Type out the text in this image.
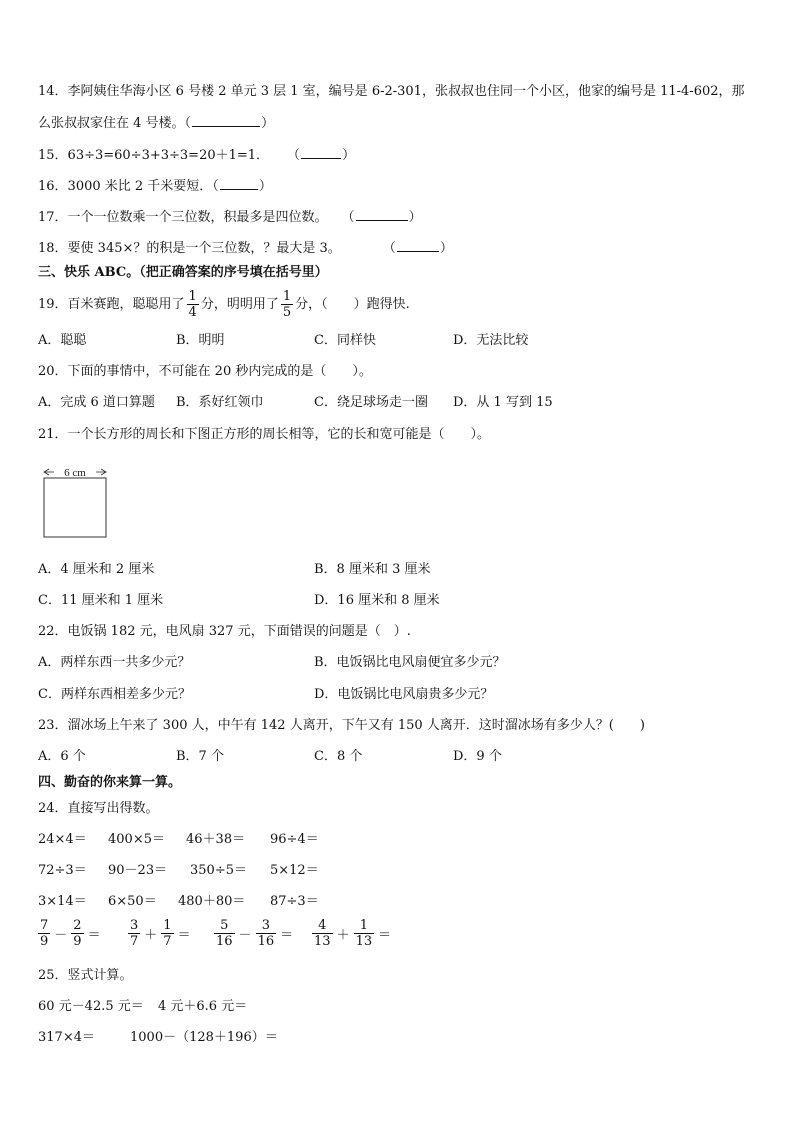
14．李阿姨住华海小区 6 号楼 2 单元 3 层 1 室，编号是 6-2-301，张叔叔也住同一个小区，他家的编号是 11-4-602，那
么张叔叔家住在 4 号楼。（	）
15．63÷3=60÷3+3÷3=20＋1=1． （	）
16．3000 米比 2 千米要短．（	）
17．一个一位数乘一个三位数，积最多是四位数。 （	）
18．要使 345×？的积是一个三位数，？最大是 3。	（	）
三、快乐 ABC。（把正确答案的序号填在括号里）
19．百米赛跑，聪聪用了 $\frac{1}{4}$ 分，明明用了 $\frac{1}{5}$ 分，（　　）跑得快.
A．聪聪	B．明明	C．同样快	D．无法比较
20．下面的事情中，不可能在 20 秒内完成的是（　　）。
A．完成 6 道口算题 B．系好红领巾	C．绕足球场走一圈 D．从 1 写到 15
21．一个长方形的周长和下图正方形的周长相等，它的长和宽可能是（　　）。
6 cm
A．4 厘米和 2 厘米	B．8 厘米和 3 厘米
C．11 厘米和 1 厘米	D．16 厘米和 8 厘米
22．电饭锅 182 元，电风扇 327 元，下面错误的问题是（　）.
A．两样东西一共多少元？	B．电饭锅比电风扇便宜多少元？
C．两样东西相差多少元？	D．电饭锅比电风扇贵多少元？
23．溜冰场上午来了 300 人，中午有 142 人离开，下午又有 150 人离开．这时溜冰场有多少人？(　　)
A．6 个	B．7 个	C．8 个	D．9 个
四、勤奋的你来算一算。
24．直接写出得数。
24×4＝ 400×5＝ 46＋38＝ 96÷4＝
72÷3＝ 90－23＝ 350÷5＝ 5×12＝
3×14＝ 6×50＝ 480＋80＝ 87÷3＝
$\frac{7}{9} - \frac{2}{9} = \frac{3}{7} + \frac{1}{7} = \frac{5}{16} - \frac{3}{16} = \frac{4}{13} + \frac{1}{13}$ ＝
25．竖式计算。
60 元－42.5 元＝ 4 元＋6.6 元＝
317×4＝	1000－（128＋196）＝
